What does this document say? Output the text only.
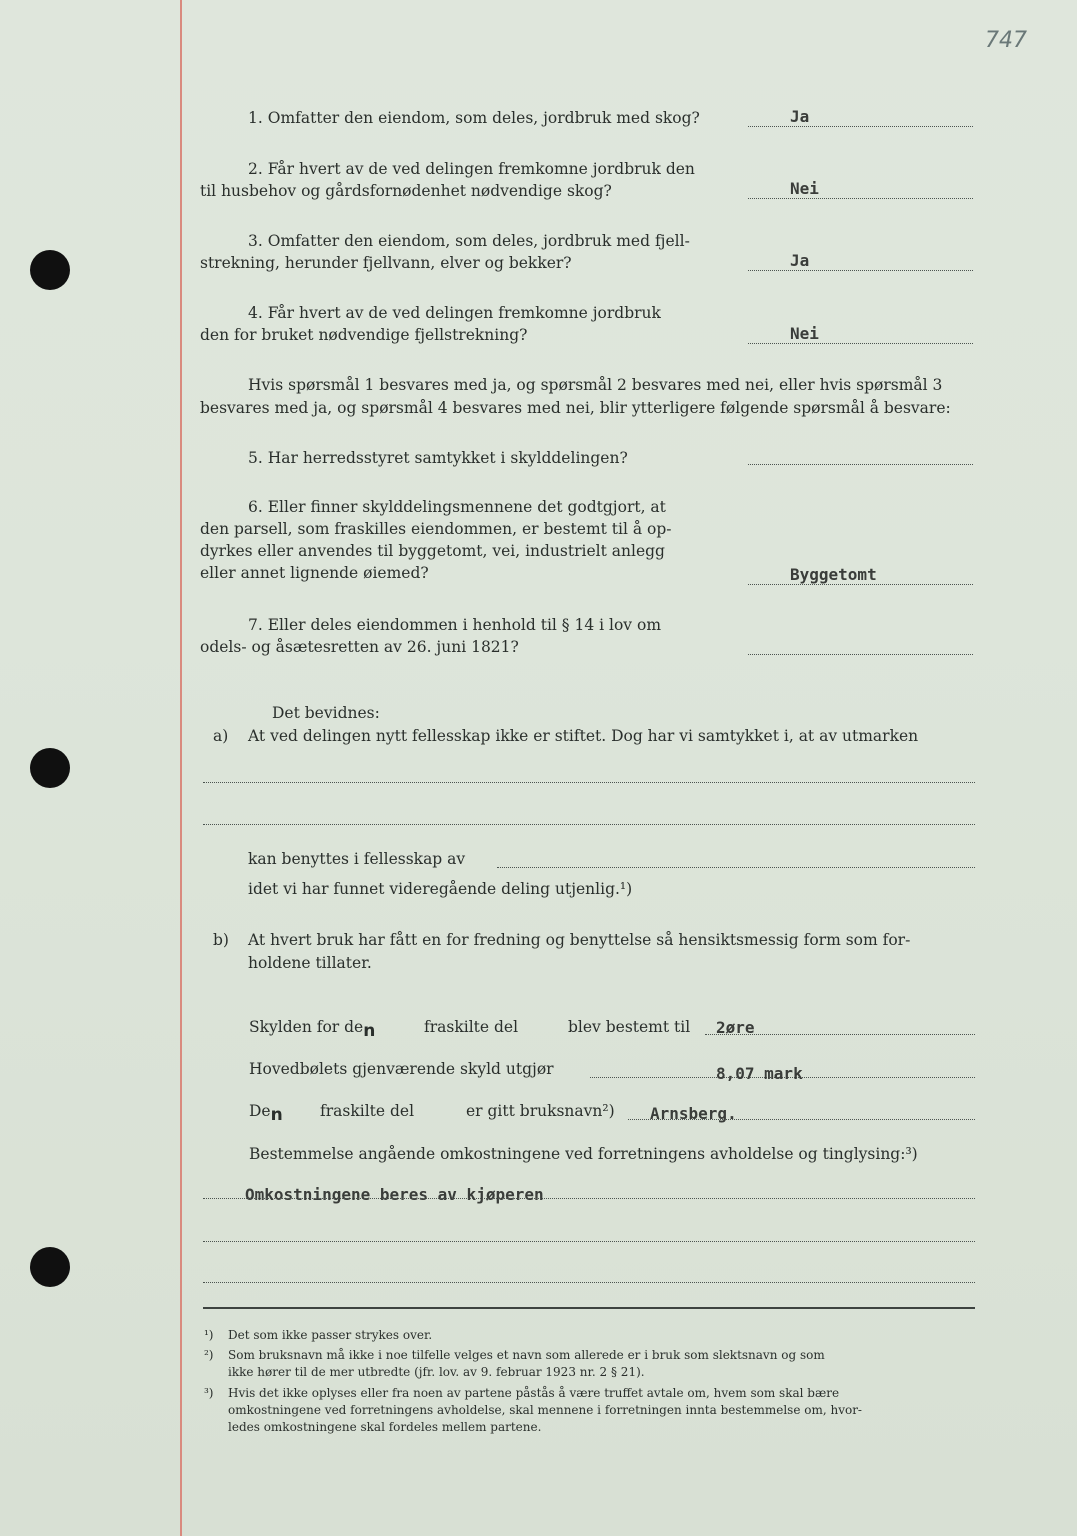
747
1. Omfatter den eiendom, som deles, jordbruk med skog?	Ja
2. Får hvert av de ved delingen fremkomne jordbruk den
til husbehov og gårdsfornødenhet nødvendige skog?	Nei
3. Omfatter den eiendom, som deles, jordbruk med fjell-
strekning, herunder fjellvann, elver og bekker?	Ja
4. Får hvert av de ved delingen fremkomne jordbruk
den for bruket nødvendige fjellstrekning?	Nei
Hvis spørsmål 1 besvares med ja, og spørsmål 2 besvares med nei, eller hvis spørsmål 3
besvares med ja, og spørsmål 4 besvares med nei, blir ytterligere følgende spørsmål å besvare:
5. Har herredsstyret samtykket i skylddelingen?
6. Eller finner skylddelingsmennene det godtgjort, at
den parsell, som fraskilles eiendommen, er bestemt til å op-
dyrkes eller anvendes til byggetomt, vei, industrielt anlegg
eller annet lignende øiemed?	Byggetomt
7. Eller deles eiendommen i henhold til § 14 i lov om
odels- og åsætesretten av 26. juni 1821?
Det bevidnes:
a) At ved delingen nytt fellesskap ikke er stiftet. Dog har vi samtykket i, at av utmarken
kan benyttes i fellesskap av
idet vi har funnet videregående deling utjenlig.¹)
b) At hvert bruk har fått en for fredning og benyttelse så hensiktsmessig form som for-
holdene tillater.
Skylden for den	fraskilte del	blev bestemt til 2øre
Hovedbølets gjenværende skyld utgjør	8,07 mark
Den fraskilte del	er gitt bruksnavn²) Arnsberg.
Bestemmelse angående omkostningene ved forretningens avholdelse og tinglysing:³)
Omkostningene beres av kjøperen
¹) Det som ikke passer strykes over.
²) Som bruksnavn må ikke i noe tilfelle velges et navn som allerede er i bruk som slektsnavn og som
ikke hører til de mer utbredte (jfr. lov. av 9. februar 1923 nr. 2 § 21).
³) Hvis det ikke oplyses eller fra noen av partene påstås å være truffet avtale om, hvem som skal bære
omkostningene ved forretningens avholdelse, skal mennene i forretningen innta bestemmelse om, hvor-
ledes omkostningene skal fordeles mellem partene.
